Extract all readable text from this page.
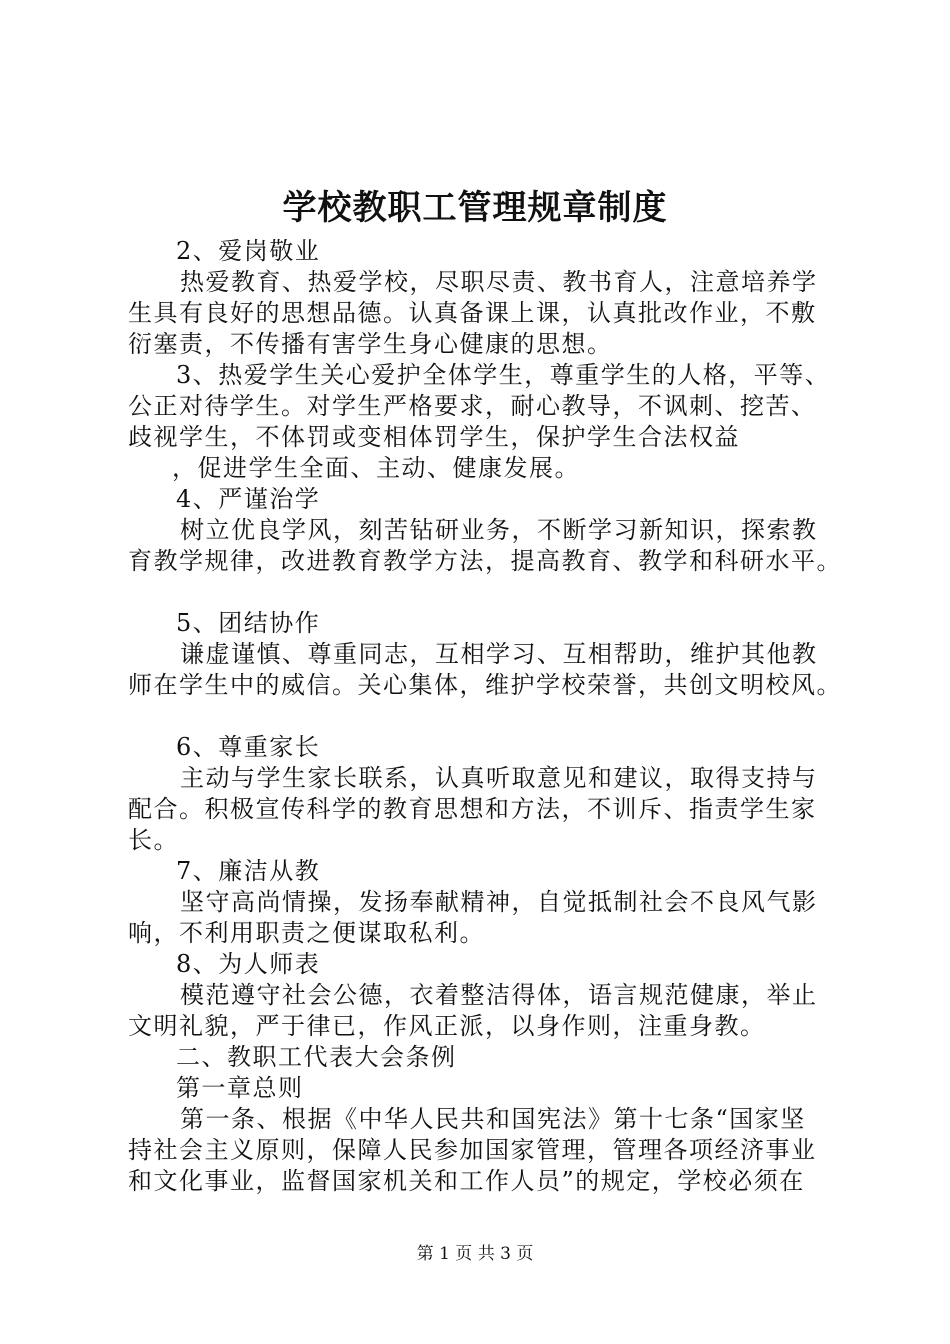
学校教职工管理规章制度
2、爱岗敬业
热爱教育、热爱学校，尽职尽责、教书育人，注意培养学
生具有良好的思想品德。认真备课上课，认真批改作业，不敷
衍塞责，不传播有害学生身心健康的思想。
3、热爱学生关心爱护全体学生，尊重学生的人格，平等、
公正对待学生。对学生严格要求，耐心教导，不讽刺、挖苦、
歧视学生，不体罚或变相体罚学生，保护学生合法权益
，促进学生全面、主动、健康发展。
4、严谨治学
树立优良学风，刻苦钻研业务，不断学习新知识，探索教
育教学规律，改进教育教学方法，提高教育、教学和科研水平。
5、团结协作
谦虚谨慎、尊重同志，互相学习、互相帮助，维护其他教
师在学生中的威信。关心集体，维护学校荣誉，共创文明校风。
6、尊重家长
主动与学生家长联系，认真听取意见和建议，取得支持与
配合。积极宣传科学的教育思想和方法，不训斥、指责学生家
长。
7、廉洁从教
坚守高尚情操，发扬奉献精神，自觉抵制社会不良风气影
响，不利用职责之便谋取私利。
8、为人师表
模范遵守社会公德，衣着整洁得体，语言规范健康，举止
文明礼貌，严于律已，作风正派，以身作则，注重身教。
二、教职工代表大会条例
第一章总则
第一条、根据《中华人民共和国宪法》第十七条“国家坚
持社会主义原则，保障人民参加国家管理，管理各项经济事业
和文化事业，监督国家机关和工作人员”的规定，学校必须在
第 1 页 共 3 页
